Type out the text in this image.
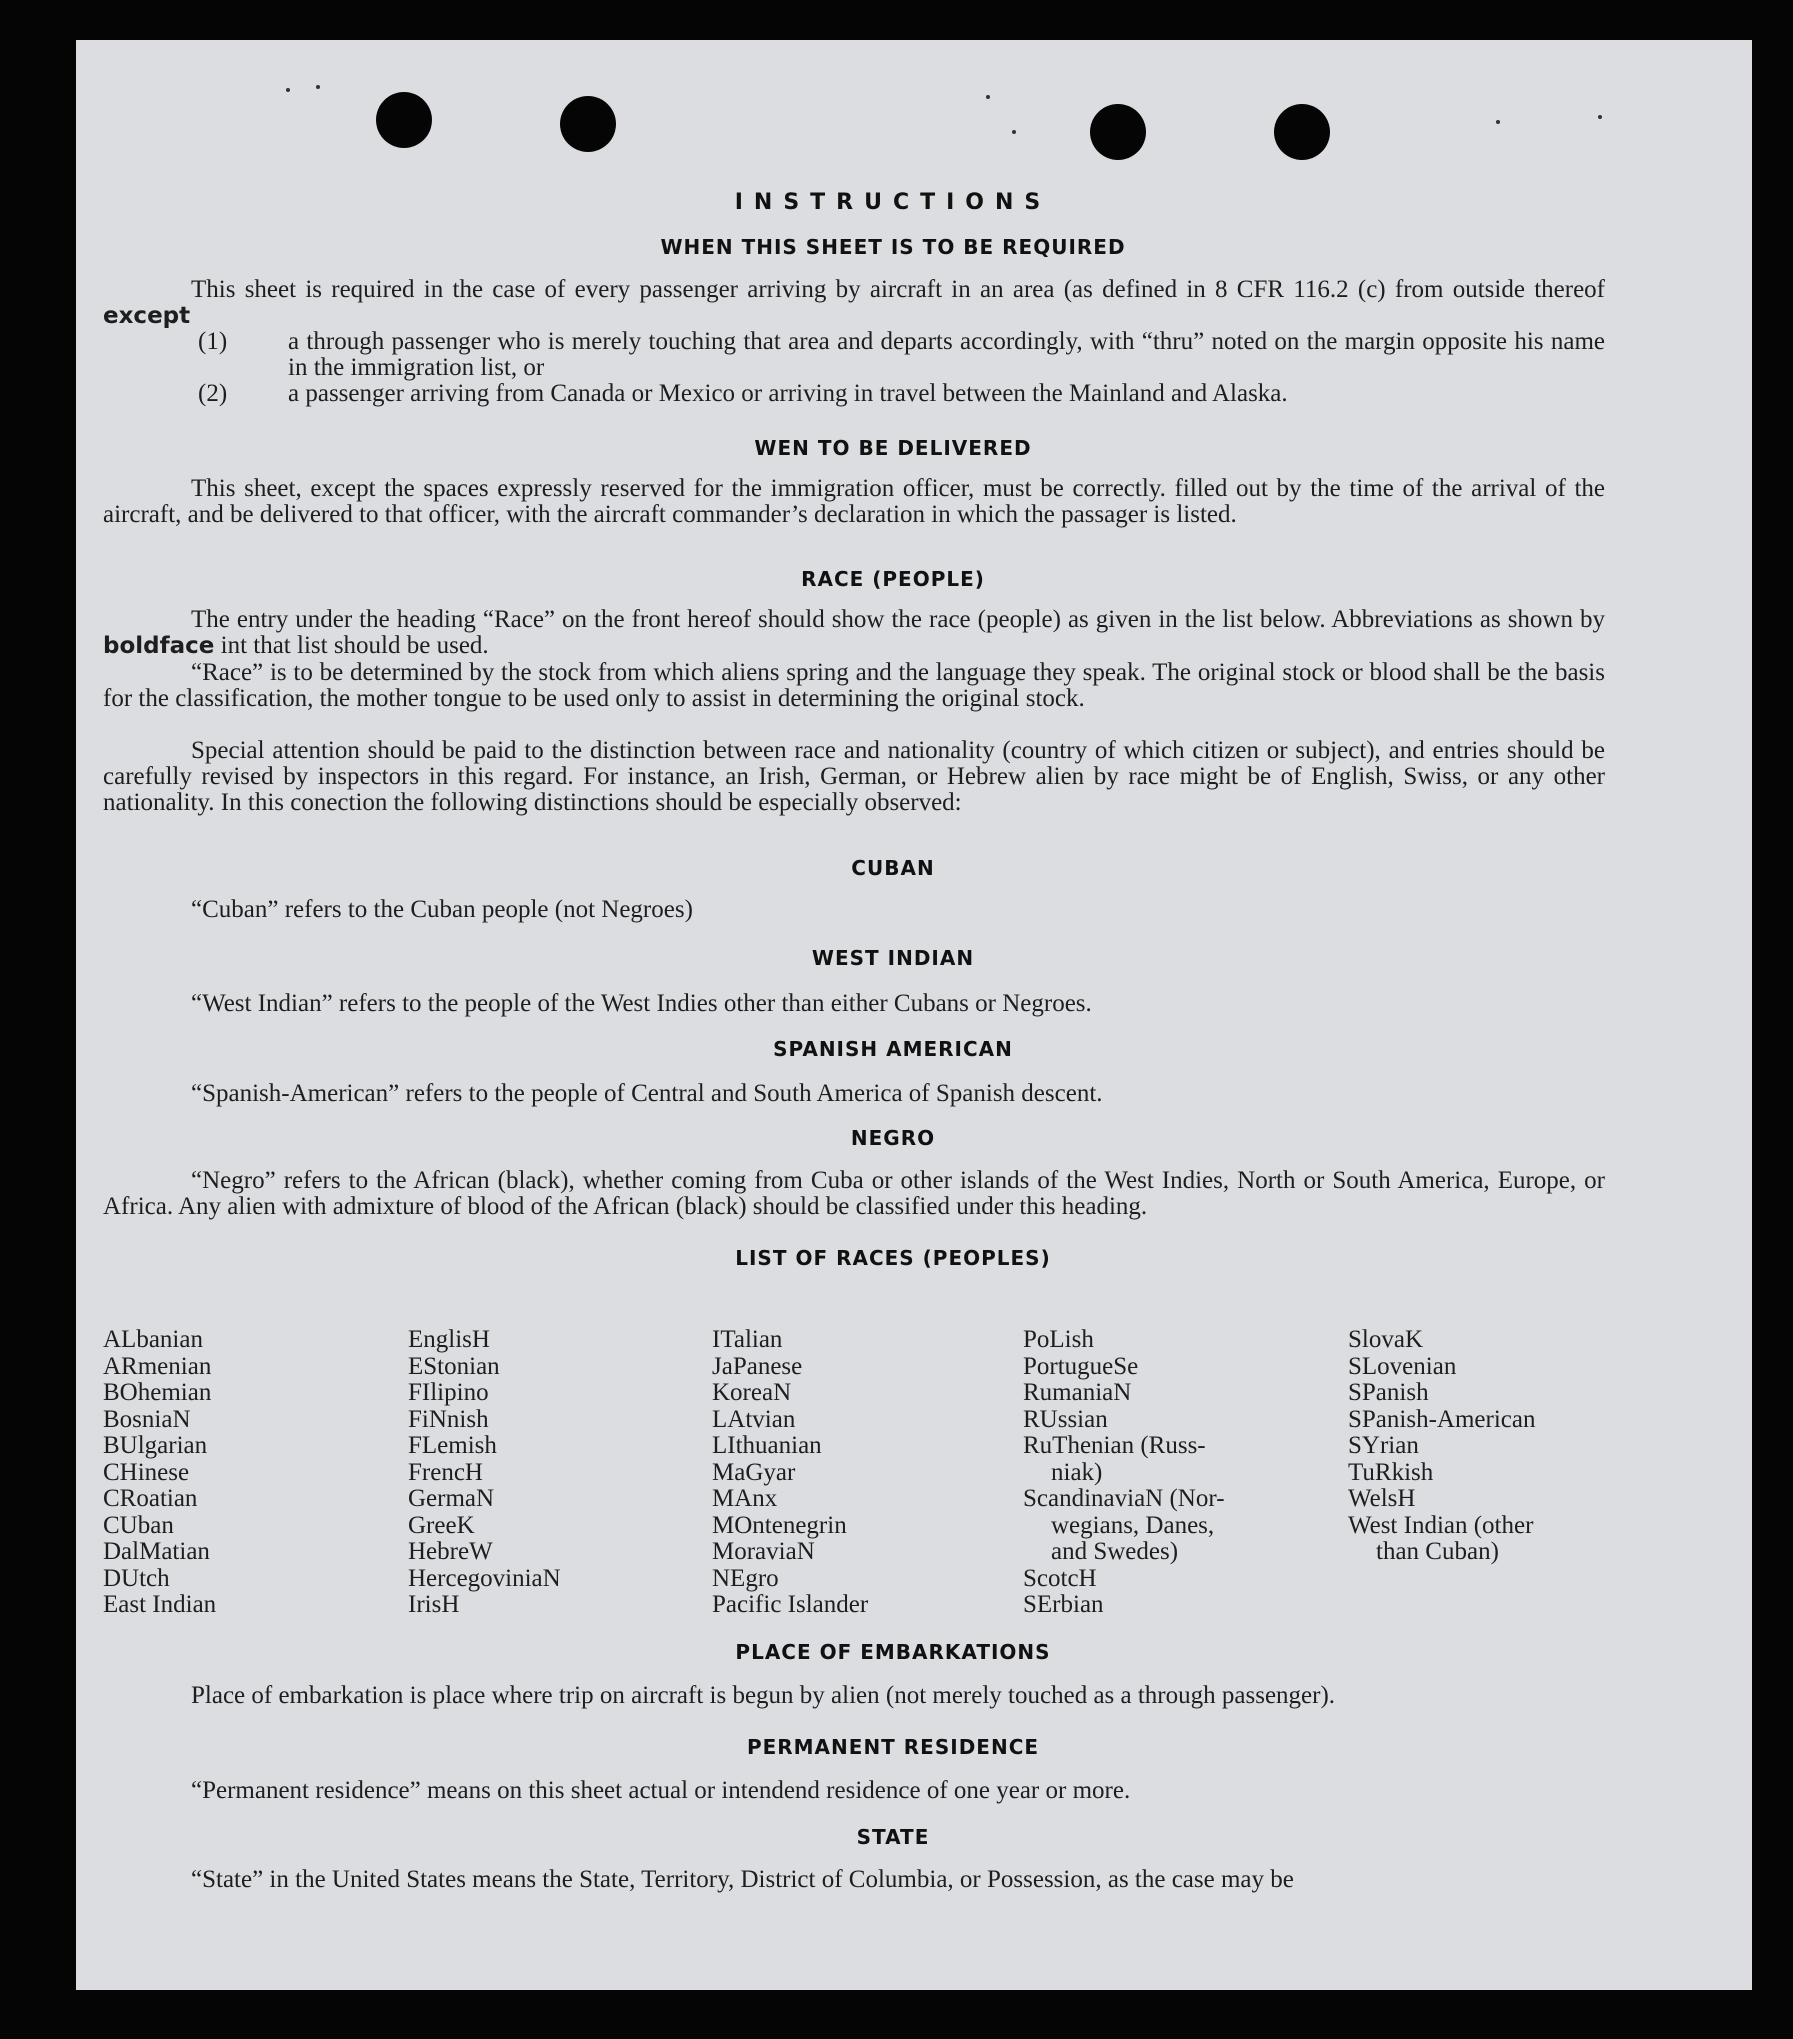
INSTRUCTIONS
WHEN THIS SHEET IS TO BE REQUIRED
This sheet is required in the case of every passenger arriving by aircraft in an area (as defined in 8 CFR 116.2 (c) from outside thereof except
(1)	a through passenger who is merely touching that area and departs accordingly, with “thru” noted on the margin opposite his name in the immigration list, or
(2)	a passenger arriving from Canada or Mexico or arriving in travel between the Mainland and Alaska.
WEN TO BE DELIVERED
This sheet, except the spaces expressly reserved for the immigration officer, must be correctly. filled out by the time of the arrival of the aircraft, and be delivered to that officer, with the aircraft commander’s declaration in which the passager is listed.
RACE (PEOPLE)
The entry under the heading “Race” on the front hereof should show the race (people) as given in the list below. Abbreviations as shown by boldface int that list should be used.
“Race” is to be determined by the stock from which aliens spring and the language they speak. The original stock or blood shall be the basis for the classification, the mother tongue to be used only to assist in determining the original stock.
Special attention should be paid to the distinction between race and nationality (country of which citizen or subject), and entries should be carefully revised by inspectors in this regard. For instance, an Irish, German, or Hebrew alien by race might be of English, Swiss, or any other nationality. In this conection the following distinctions should be especially observed:
CUBAN
“Cuban” refers to the Cuban people (not Negroes)
WEST INDIAN
“West Indian” refers to the people of the West Indies other than either Cubans or Negroes.
SPANISH AMERICAN
“Spanish-American” refers to the people of Central and South America of Spanish descent.
NEGRO
“Negro” refers to the African (black), whether coming from Cuba or other islands of the West Indies, North or South America, Europe, or Africa. Any alien with admixture of blood of the African (black) should be classified under this heading.
LIST OF RACES (PEOPLES)
ALbanian
ARmenian
BOhemian
BosniaN
BUlgarian
CHinese
CRoatian
CUban
DalMatian
DUtch
East Indian
EnglisH
EStonian
FIlipino
FiNnish
FLemish
FrencH
GermaN
GreeK
HebreW
HercegoviniaN
IrisH
ITalian
JaPanese
KoreaN
LAtvian
LIthuanian
MaGyar
MAnx
MOntenegrin
MoraviaN
NEgro
Pacific Islander
PoLish
PortugueSe
RumaniaN
RUssian
RuThenian (Russ-
niak)
ScandinaviaN (Nor-
wegians, Danes,
and Swedes)
ScotcH
SErbian
SlovaK
SLovenian
SPanish
SPanish-American
SYrian
TuRkish
WelsH
West Indian (other
than Cuban)
PLACE OF EMBARKATIONS
Place of embarkation is place where trip on aircraft is begun by alien (not merely touched as a through passenger).
PERMANENT RESIDENCE
“Permanent residence” means on this sheet actual or intendend residence of one year or more.
STATE
“State” in the United States means the State, Territory, District of Columbia, or Possession, as the case may be
